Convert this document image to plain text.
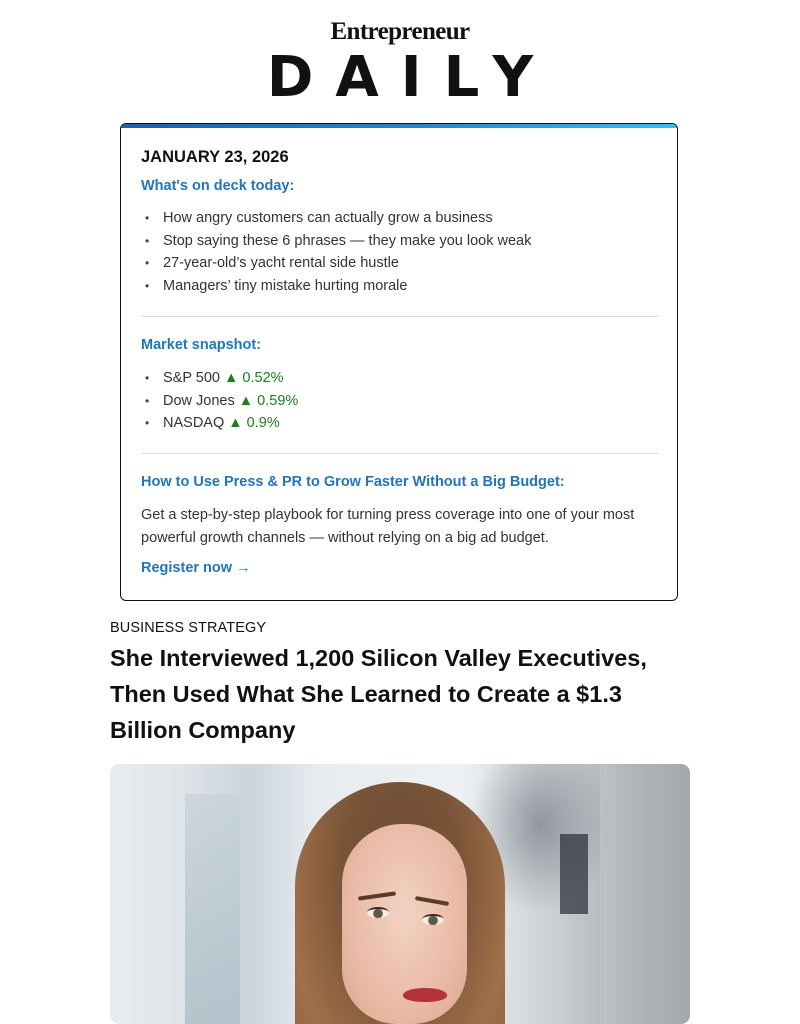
Entrepreneur
DAILY
JANUARY 23, 2026
What's on deck today:
• How angry customers can actually grow a business
• Stop saying these 6 phrases — they make you look weak
• 27-year-old’s yacht rental side hustle
• Managers’ tiny mistake hurting morale
Market snapshot:
• S&P 500 ▲ 0.52%
• Dow Jones ▲ 0.59%
• NASDAQ ▲ 0.9%
How to Use Press & PR to Grow Faster Without a Big Budget:
Get a step-by-step playbook for turning press coverage into one of your most powerful growth channels — without relying on a big ad budget.
Register now →
BUSINESS STRATEGY
She Interviewed 1,200 Silicon Valley Executives, Then Used What She Learned to Create a $1.3 Billion Company
